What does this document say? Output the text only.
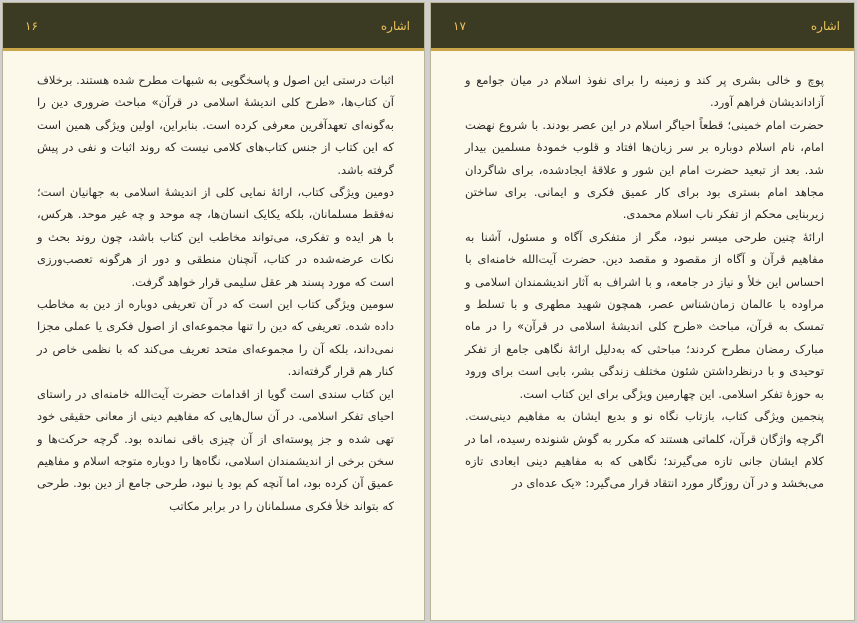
۱۶	اشاره

اثبات درستی این اصول و پاسخگویی به شبهات مطرح شده هستند. برخلاف آن کتاب‌ها، «طرح کلی اندیشهٔ اسلامی در قرآن» مباحث ضروری دین را به‌گونه‌ای تعهدآفرین معرفی کرده است. بنابراین، اولین ویژگی همین است که این کتاب از جنس کتاب‌های کلامی نیست که روند اثبات و نفی در پیش گرفته باشد.

دومین ویژگی کتاب، ارائهٔ نمایی کلی از اندیشهٔ اسلامی به جهانیان است؛ نه‌فقط مسلمانان، بلکه یکایک انسان‌ها، چه موحد و چه غیر موحد. هرکس، با هر ایده و تفکری، می‌تواند مخاطب این کتاب باشد، چون روند بحث و نکات عرضه‌شده در کتاب، آنچنان منطقی و دور از هرگونه تعصب‌ورزی است که مورد پسند هر عقل سلیمی قرار خواهد گرفت.

سومین ویژگی کتاب این است که در آن تعریفی دوباره از دین به مخاطب داده شده. تعریفی که دین را تنها مجموعه‌ای از اصول فکری یا عملی مجزا نمی‌داند، بلکه آن را مجموعه‌ای متحد تعریف می‌کند که با نظمی خاص در کنار هم قرار گرفته‌اند.

این کتاب سندی است گویا از اقدامات حضرت آیت‌الله خامنه‌ای در راستای احیای تفکر اسلامی. در آن سال‌هایی که مفاهیم دینی از معانی حقیقی خود تهی شده و جز پوسته‌ای از آن چیزی باقی نمانده بود. گرچه حرکت‌ها و سخن برخی از اندیشمندان اسلامی، نگاه‌ها را دوباره متوجه اسلام و مفاهیم عمیق آن کرده بود، اما آنچه کم بود یا نبود، طرحی جامع از دین بود. طرحی که بتواند خلأ فکری مسلمانان را در برابر مکاتب

۱۷	اشاره

پوچ و خالی بشری پر کند و زمینه را برای نفوذ اسلام در میان جوامع و آزاداندیشان فراهم آورد.

حضرت امام خمینی‌؛ قطعاً احیاگر اسلام در این عصر بودند. با شروع نهضت امام، نام اسلام دوباره بر سر زبان‌ها افتاد و قلوب خمودهٔ مسلمین بیدار شد. بعد از تبعید حضرت امام این شور و علاقهٔ ایجادشده، برای شاگردان مجاهد امام بستری بود برای کار عمیق فکری و ایمانی. برای ساختن زیربنایی محکم از تفکر ناب اسلام محمدی.

ارائهٔ چنین طرحی میسر نبود، مگر از متفکری آگاه و مسئول، آشنا به مفاهیم قرآن و آگاه از مقصود و مقصد دین. حضرت آیت‌الله خامنه‌ای با احساس این خلأ و نیاز در جامعه، و با اشراف به آثار اندیشمندان اسلامی و مراوده با عالمان زمان‌شناس عصر، همچون شهید مطهری و با تسلط و تمسک به قرآن، مباحث «طرح کلی اندیشهٔ اسلامی در قرآن» را در ماه مبارک رمضان مطرح کردند؛ مباحثی که به‌دلیل ارائهٔ نگاهی جامع از تفکر توحیدی و با درنظرداشتن شئون مختلف زندگی بشر، بابی است برای ورود به حوزهٔ تفکر اسلامی. این چهارمین ویژگی برای این کتاب است.

پنجمین ویژگی کتاب، بازتاب نگاه نو و بدیع ایشان به مفاهیم دینی‌ست. اگرچه واژگان قرآن، کلماتی هستند که مکرر به گوش شنونده رسیده، اما در کلام ایشان جانی تازه می‌گیرند؛ نگاهی که به مفاهیم دینی ابعادی تازه می‌بخشد و در آن روزگار مورد انتقاد قرار می‌گیرد: «یک عده‌ای در
